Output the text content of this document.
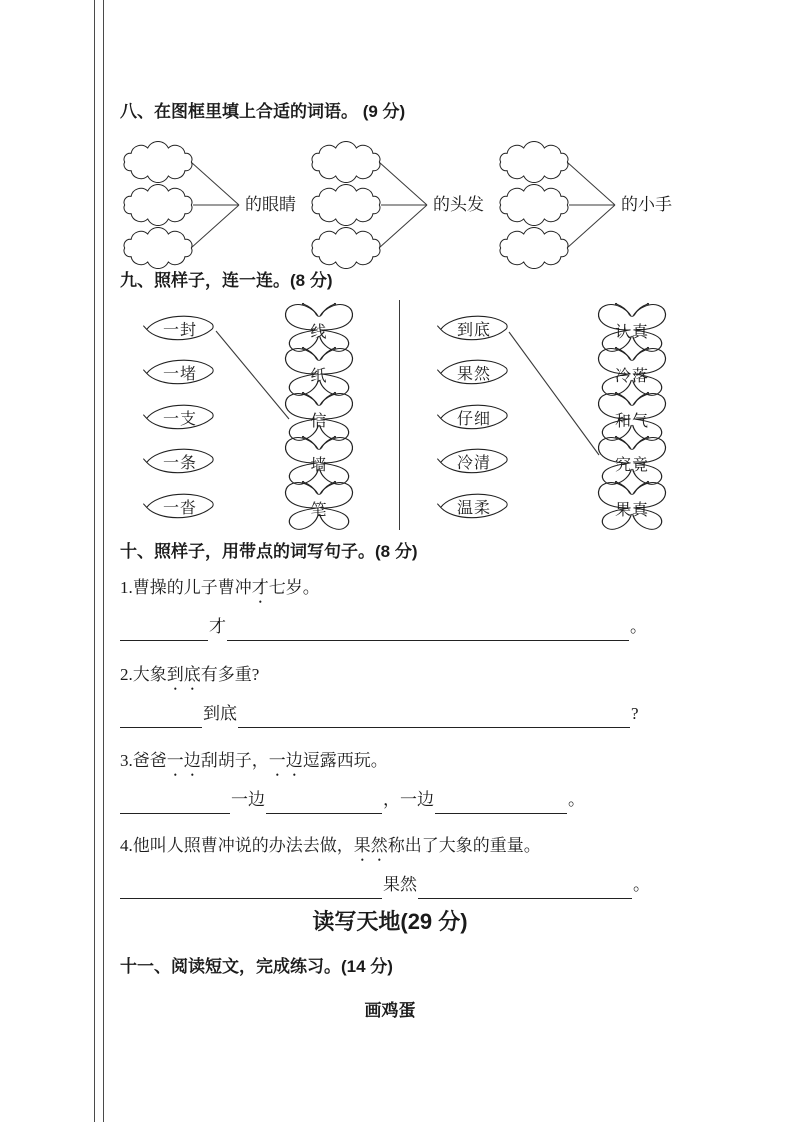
八、在图框里填上合适的词语。 (9 分)
的眼睛	的头发	的小手
九、照样子，连一连。(8 分)
一封
一堵
一支
一条
一沓
线
纸
信
墙
笔
到底
果然
仔细
冷清
温柔
认真
冷落
和气
究竟
果真
十、照样子，用带点的词写句子。(8 分)
1.曹操的儿子曹冲才七岁。
才	。
2.大象到底有多重?
到底	?
3.爸爸一边刮胡子，一边逗露西玩。
一边	，一边	。
4.他叫人照曹冲说的办法去做，果然称出了大象的重量。
果然	。
读写天地(29 分)
十一、阅读短文，完成练习。(14 分)
画鸡蛋
